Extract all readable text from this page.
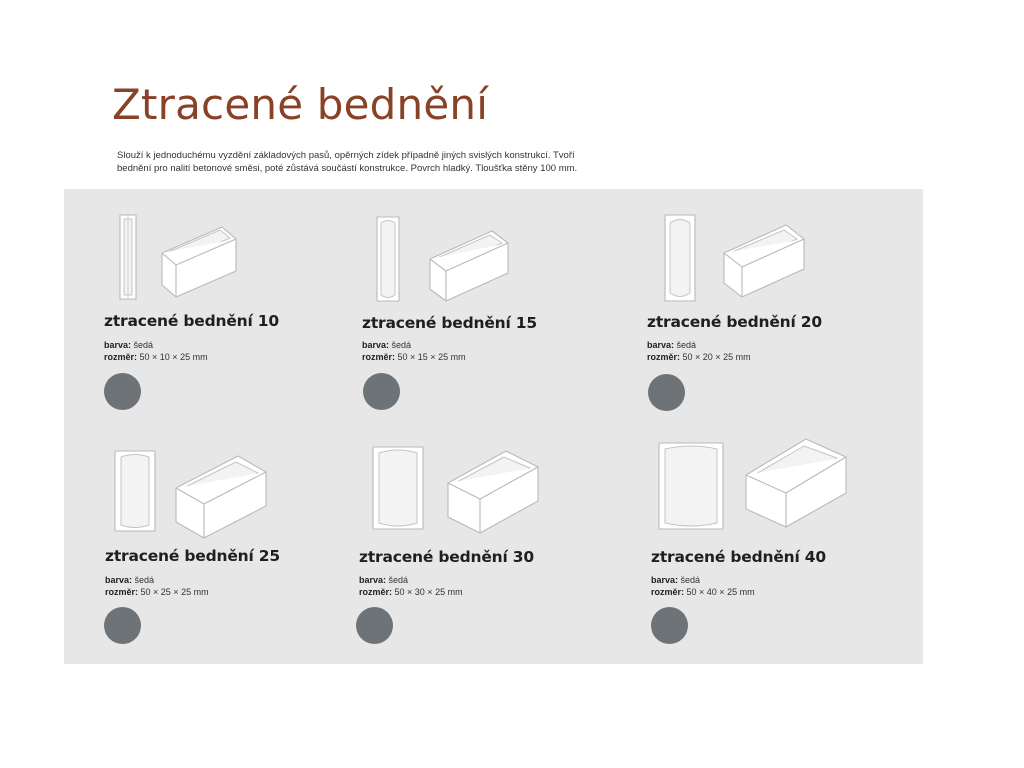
Ztracené bednění
Slouží k jednoduchému vyzdění základových pasů, opěrných zídek případně jiných svislých konstrukcí. Tvoří
bednění pro nalití betonové směsi, poté zůstává součástí konstrukce. Povrch hladký. Tloušťka stěny 100 mm.
ztracené bednění 10
barva: šedá
rozměr: 50 × 10 × 25 mm
ztracené bednění 15
barva: šedá
rozměr: 50 × 15 × 25 mm
ztracené bednění 20
barva: šedá
rozměr: 50 × 20 × 25 mm
ztracené bednění 25
barva: šedá
rozměr: 50 × 25 × 25 mm
ztracené bednění 30
barva: šedá
rozměr: 50 × 30 × 25 mm
ztracené bednění 40
barva: šedá
rozměr: 50 × 40 × 25 mm
